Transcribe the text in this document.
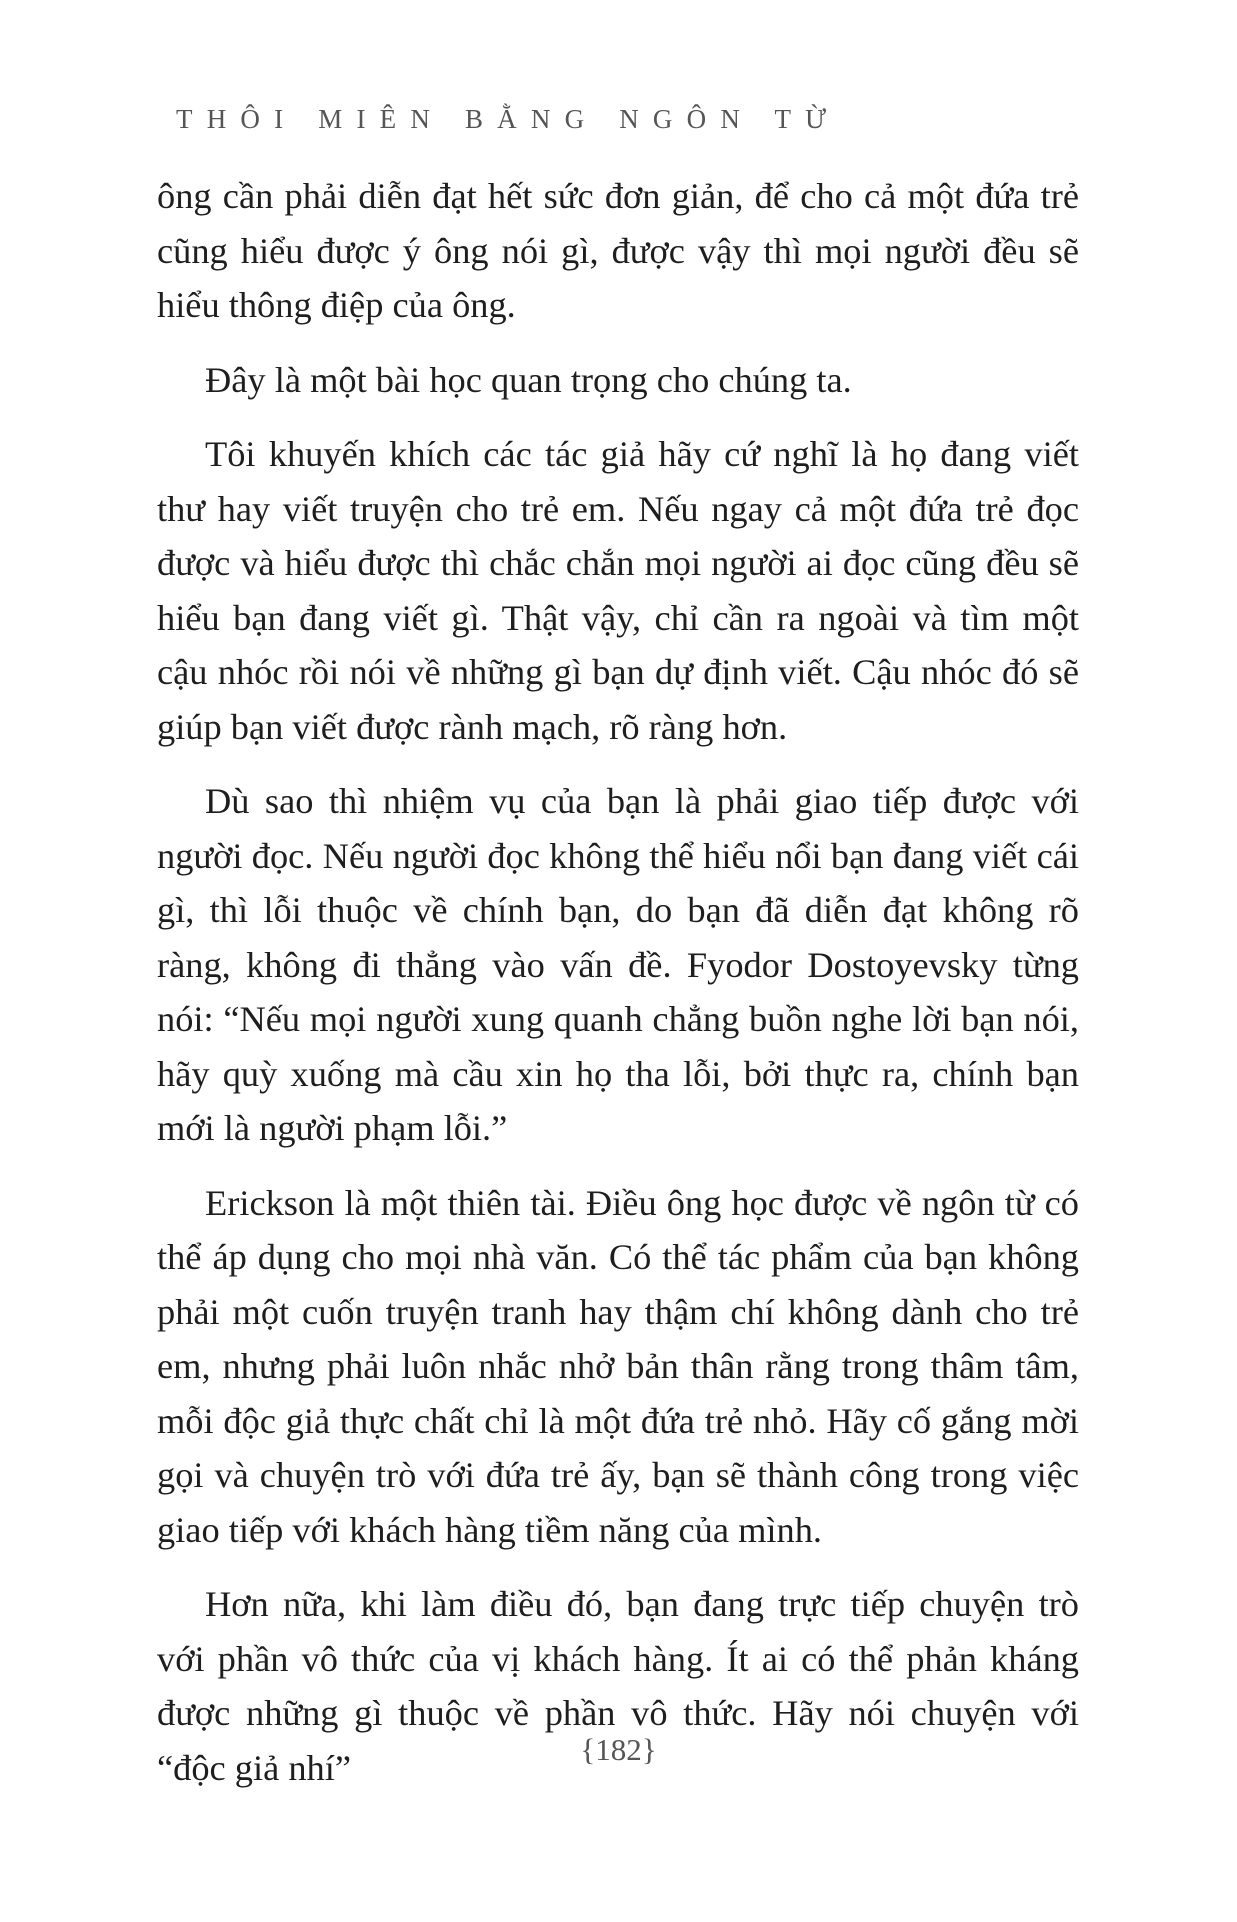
THÔI MIÊN BẰNG NGÔN TỪ

ông cần phải diễn đạt hết sức đơn giản, để cho cả một đứa trẻ cũng hiểu được ý ông nói gì, được vậy thì mọi người đều sẽ hiểu thông điệp của ông.

Đây là một bài học quan trọng cho chúng ta.

Tôi khuyến khích các tác giả hãy cứ nghĩ là họ đang viết thư hay viết truyện cho trẻ em. Nếu ngay cả một đứa trẻ đọc được và hiểu được thì chắc chắn mọi người ai đọc cũng đều sẽ hiểu bạn đang viết gì. Thật vậy, chỉ cần ra ngoài và tìm một cậu nhóc rồi nói về những gì bạn dự định viết. Cậu nhóc đó sẽ giúp bạn viết được rành mạch, rõ ràng hơn.

Dù sao thì nhiệm vụ của bạn là phải giao tiếp được với người đọc. Nếu người đọc không thể hiểu nổi bạn đang viết cái gì, thì lỗi thuộc về chính bạn, do bạn đã diễn đạt không rõ ràng, không đi thẳng vào vấn đề. Fyodor Dostoyevsky từng nói: “Nếu mọi người xung quanh chẳng buồn nghe lời bạn nói, hãy quỳ xuống mà cầu xin họ tha lỗi, bởi thực ra, chính bạn mới là người phạm lỗi.”

Erickson là một thiên tài. Điều ông học được về ngôn từ có thể áp dụng cho mọi nhà văn. Có thể tác phẩm của bạn không phải một cuốn truyện tranh hay thậm chí không dành cho trẻ em, nhưng phải luôn nhắc nhở bản thân rằng trong thâm tâm, mỗi độc giả thực chất chỉ là một đứa trẻ nhỏ. Hãy cố gắng mời gọi và chuyện trò với đứa trẻ ấy, bạn sẽ thành công trong việc giao tiếp với khách hàng tiềm năng của mình.

Hơn nữa, khi làm điều đó, bạn đang trực tiếp chuyện trò với phần vô thức của vị khách hàng. Ít ai có thể phản kháng được những gì thuộc về phần vô thức. Hãy nói chuyện với “độc giả nhí”	{182}
